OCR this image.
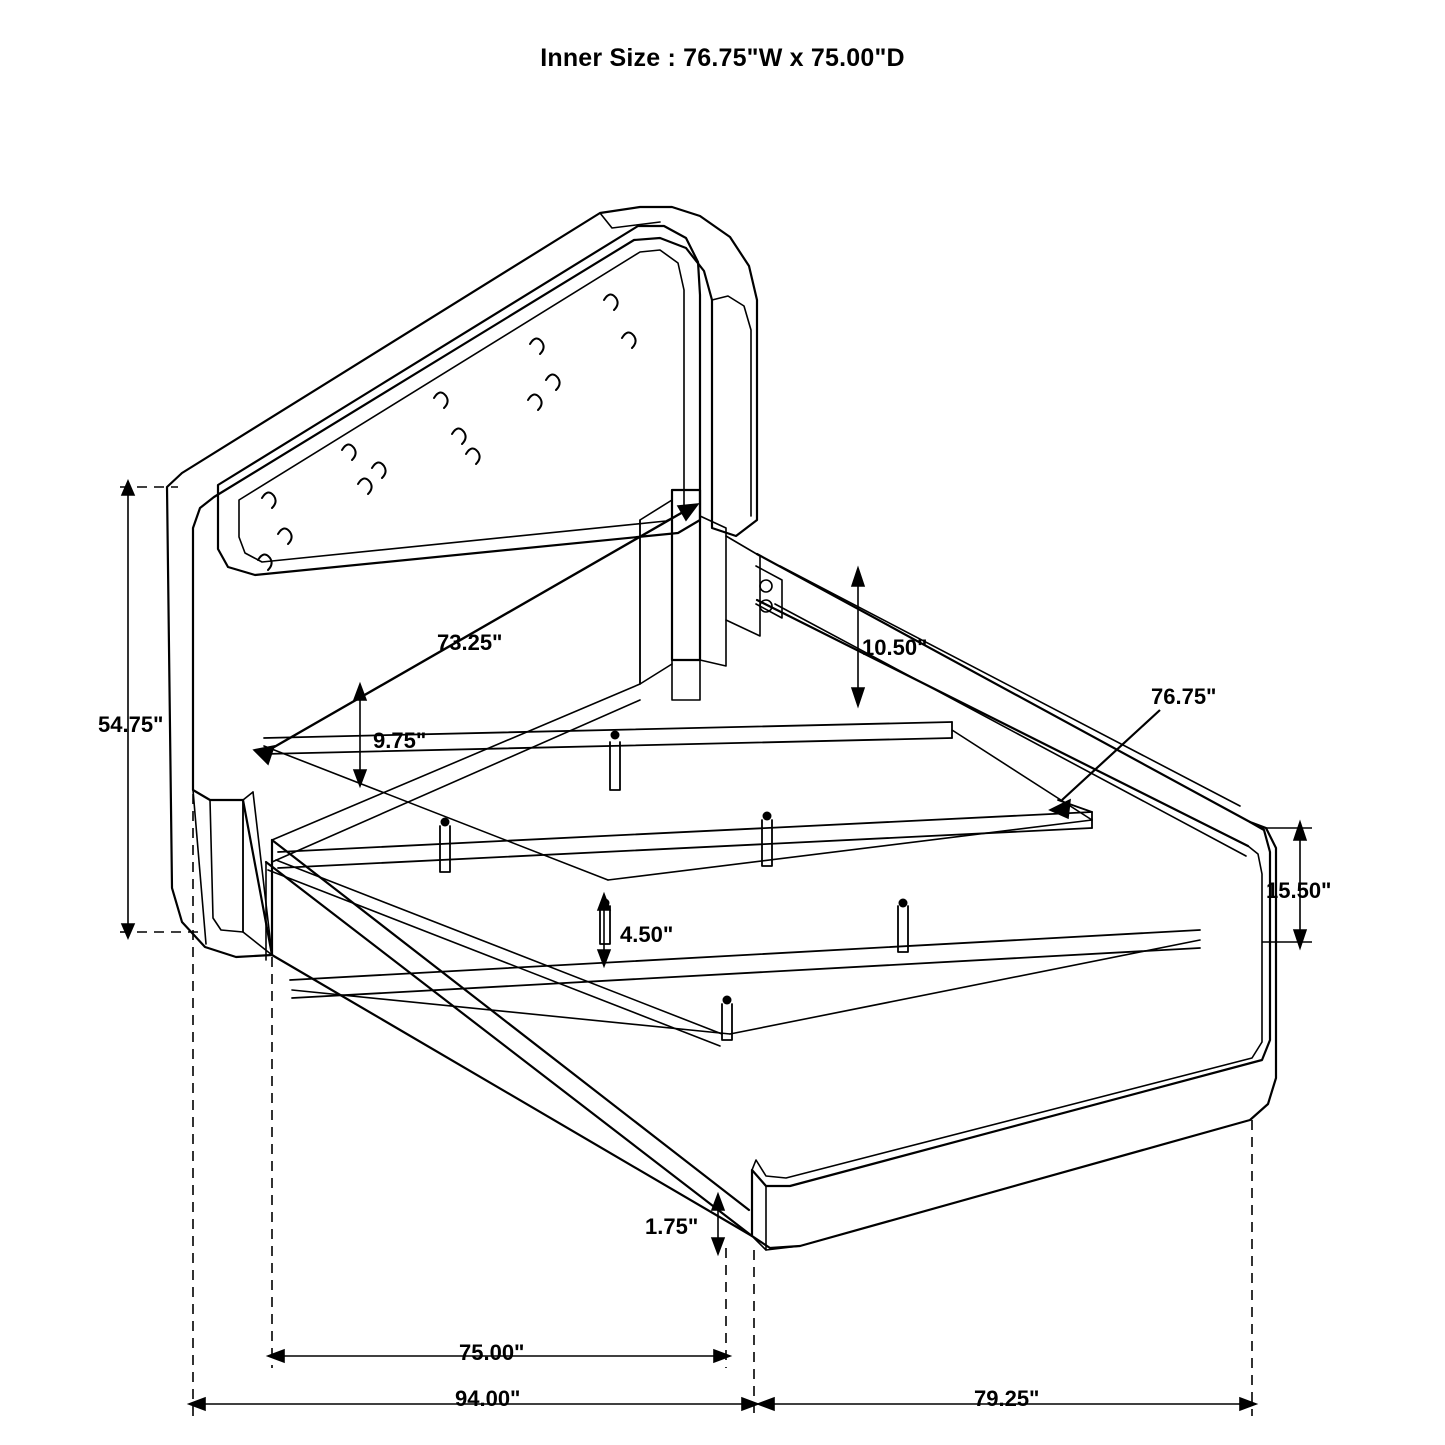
Inner Size : 76.75"W x 75.00"D
54.75"
73.25"
9.75"
10.50"
4.50"
76.75"
15.50"
1.75"
75.00"
94.00"	79.25"
